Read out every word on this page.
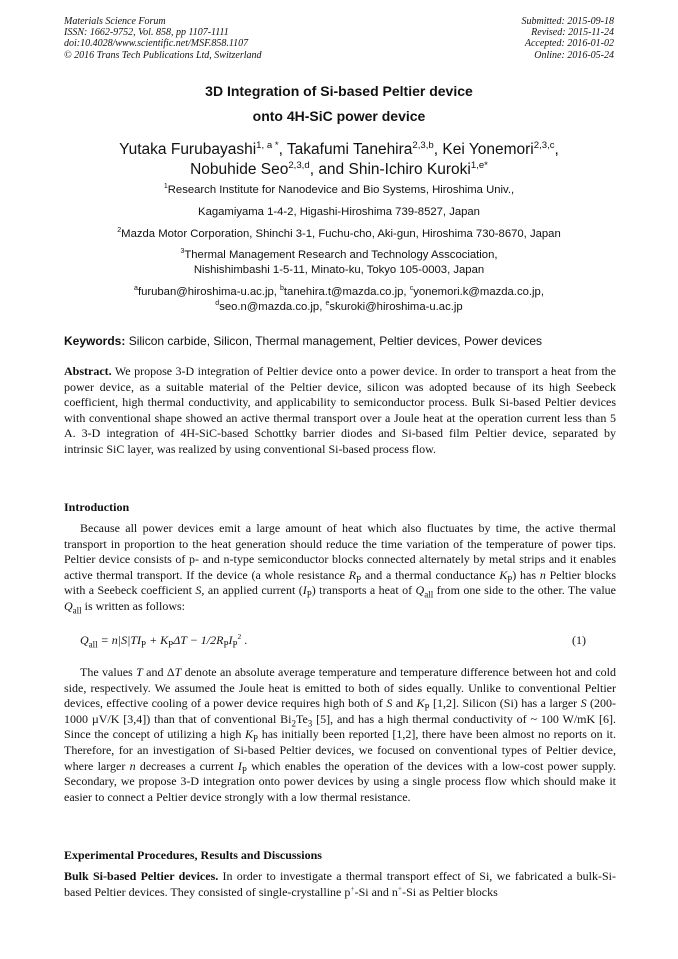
Materials Science Forum
ISSN: 1662-9752, Vol. 858, pp 1107-1111
doi:10.4028/www.scientific.net/MSF.858.1107
© 2016 Trans Tech Publications Ltd, Switzerland
Submitted: 2015-09-18
Revised: 2015-11-24
Accepted: 2016-01-02
Online: 2016-05-24
3D Integration of Si-based Peltier device
onto 4H-SiC power device
Yutaka Furubayashi$^{1, a *}$, Takafumi Tanehira$^{2,3,b}$, Kei Yonemori$^{2,3,c}$,
Nobuhide Seo$^{2,3,d}$, and Shin-Ichiro Kuroki$^{1,e*}$
$^1$Research Institute for Nanodevice and Bio Systems, Hiroshima Univ.,
Kagamiyama 1-4-2, Higashi-Hiroshima 739-8527, Japan
$^2$Mazda Motor Corporation, Shinchi 3-1, Fuchu-cho, Aki-gun, Hiroshima 730-8670, Japan
$^3$Thermal Management Research and Technology Asscociation,
Nishishimbashi 1-5-11, Minato-ku, Tokyo 105-0003, Japan
$^a$furuban@hiroshima-u.ac.jp, $^b$tanehira.t@mazda.co.jp, $^c$yonemori.k@mazda.co.jp,
$^d$seo.n@mazda.co.jp, $^e$skuroki@hiroshima-u.ac.jp
Keywords: Silicon carbide, Silicon, Thermal management, Peltier devices, Power devices
Abstract. We propose 3-D integration of Peltier device onto a power device. In order to transport a heat from the power device, as a suitable material of the Peltier device, silicon was adopted because of its high Seebeck coefficient, high thermal conductivity, and applicability to semiconductor process. Bulk Si-based Peltier devices with conventional shape showed an active thermal transport over a Joule heat at the operation current less than 5 A. 3-D integration of 4H-SiC-based Schottky barrier diodes and Si-based film Peltier device, separated by intrinsic SiC layer, was realized by using conventional Si-based process flow.
Introduction
Because all power devices emit a large amount of heat which also fluctuates by time, the active thermal transport in proportion to the heat generation should reduce the time variation of the temperature of power tips. Peltier device consists of p- and n-type semiconductor blocks connected alternately by metal strips and it enables active thermal transport. If the device (a whole resistance $R_P$ and a thermal conductance $K_P$) has n Peltier blocks with a Seebeck coefficient S, an applied current $(I_P)$ transports a heat of $Q_{all}$ from one side to the other. The value $Q_{all}$ is written as follows:
$Q_{all} = n|S|TI_P + K_P\Delta T - 1/2R_PI_P^2$ .	(1)
The values T and ΔT denote an absolute average temperature and temperature difference between hot and cold side, respectively. We assumed the Joule heat is emitted to both of sides equally. Unlike to conventional Peltier devices, effective cooling of a power device requires high both of S and $K_P$ [1,2]. Silicon (Si) has a larger S (200-1000 µV/K [3,4]) than that of conventional $Bi_2Te_3$ [5], and has a high thermal conductivity of ~ 100 W/mK [6]. Since the concept of utilizing a high $K_P$ has initially been reported [1,2], there have been almost no reports on it. Therefore, for an investigation of Si-based Peltier devices, we focused on conventional types of Peltier device, where larger n decreases a current $I_P$ which enables the operation of the devices with a low-cost power supply. Secondary, we propose 3-D integration onto power devices by using a single process flow which should make it easier to connect a Peltier device strongly with a low thermal resistance.
Experimental Procedures, Results and Discussions
Bulk Si-based Peltier devices. In order to investigate a thermal transport effect of Si, we fabricated a bulk-Si-based Peltier devices. They consisted of single-crystalline p+-Si and n+-Si as Peltier blocks
